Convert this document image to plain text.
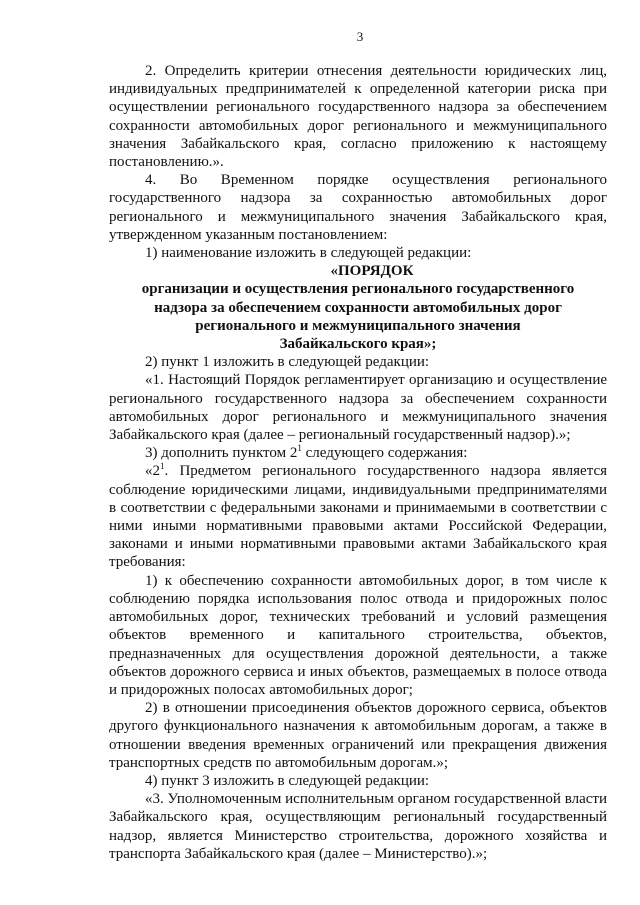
3

2. Определить критерии отнесения деятельности юридических лиц, индивидуальных предпринимателей к определенной категории риска при осуществлении регионального государственного надзора за обеспечением сохранности автомобильных дорог регионального и межмуниципального значения Забайкальского края, согласно приложению к настоящему постановлению.».

4. Во Временном порядке осуществления регионального государственного надзора за сохранностью автомобильных дорог регионального и межмуниципального значения Забайкальского края, утвержденном указанным постановлением:

1) наименование изложить в следующей редакции:

«ПОРЯДОК
организации и осуществления регионального государственного
надзора за обеспечением сохранности автомобильных дорог
регионального и межмуниципального значения
Забайкальского края»;

2) пункт 1 изложить в следующей редакции:

«1. Настоящий Порядок регламентирует организацию и осуществление регионального государственного надзора за обеспечением сохранности автомобильных дорог регионального и межмуниципального значения Забайкальского края (далее – региональный государственный надзор).»;

3) дополнить пунктом $2^1$ следующего содержания:

«$2^1$. Предметом регионального государственного надзора является соблюдение юридическими лицами, индивидуальными предпринимателями в соответствии с федеральными законами и принимаемыми в соответствии с ними иными нормативными правовыми актами Российской Федерации, законами и иными нормативными правовыми актами Забайкальского края требования:

1) к обеспечению сохранности автомобильных дорог, в том числе к соблюдению порядка использования полос отвода и придорожных полос автомобильных дорог, технических требований и условий размещения объектов временного и капитального строительства, объектов, предназначенных для осуществления дорожной деятельности, а также объектов дорожного сервиса и иных объектов, размещаемых в полосе отвода и придорожных полосах автомобильных дорог;

2) в отношении присоединения объектов дорожного сервиса, объектов другого функционального назначения к автомобильным дорогам, а также в отношении введения временных ограничений или прекращения движения транспортных средств по автомобильным дорогам.»;

4) пункт 3 изложить в следующей редакции:

«3. Уполномоченным исполнительным органом государственной власти Забайкальского края, осуществляющим региональный государственный надзор, является Министерство строительства, дорожного хозяйства и транспорта Забайкальского края (далее – Министерство).»;
